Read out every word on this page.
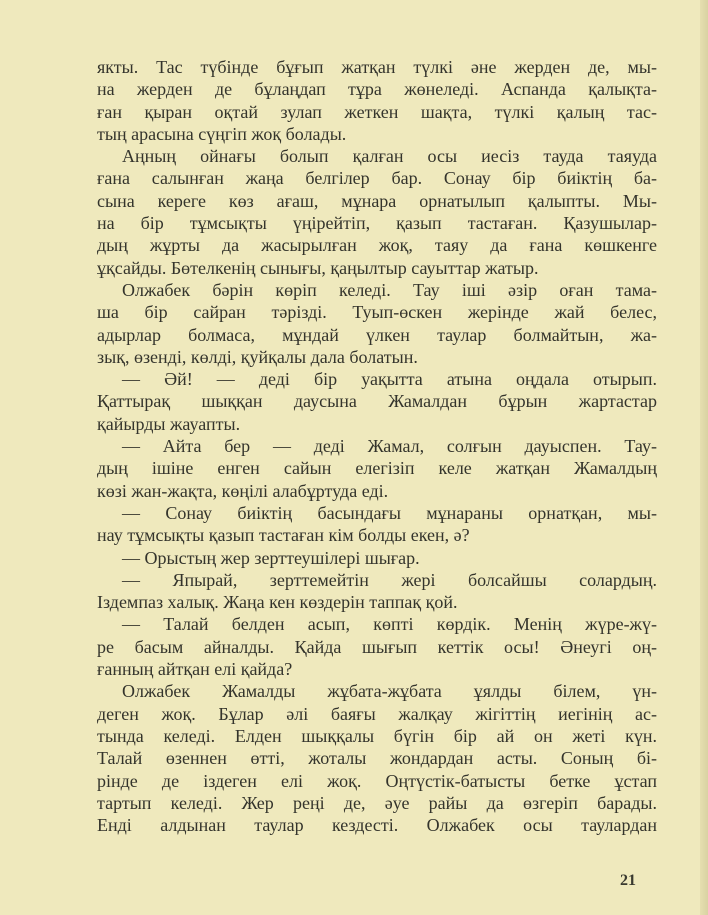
якты. Тас түбінде бұғып жатқан түлкі әне жерден де, мы-
на жерден де бұлаңдап тұра жөнеледі. Аспанда қалықта-
ған қыран оқтай зулап жеткен шақта, түлкі қалың тас-
тың арасына сүңгіп жоқ болады.
Аңның ойнағы болып қалған осы иесіз тауда таяуда
ғана салынған жаңа белгілер бар. Сонау бір биіктің ба-
сына кереге көз ағаш, мұнара орнатылып қалыпты. Мы-
на бір тұмсықты үңірейтіп, қазып тастаған. Қазушылар-
дың жұрты да жасырылған жоқ, таяу да ғана көшкенге
ұқсайды. Бөтелкенің сынығы, қаңылтыр сауыттар жатыр.
Олжабек бәрін көріп келеді. Тау іші әзір оған тама-
ша бір сайран тәрізді. Туып-өскен жерінде жай белес,
адырлар болмаса, мұндай үлкен таулар болмайтын, жа-
зық, өзенді, көлді, қуйқалы дала болатын.
— Әй! — деді бір уақытта атына оңдала отырып.
Қаттырақ шыққан даусына Жамалдан бұрын жартастар
қайырды жауапты.
— Айта бер — деді Жамал, солғын дауыспен. Тау-
дың ішіне енген сайын елегізіп келе жатқан Жамалдың
көзі жан-жақта, көңілі алабұртуда еді.
— Сонау биіктің басындағы мұнараны орнатқан, мы-
нау тұмсықты қазып тастаған кім болды екен, ә?
— Орыстың жер зерттеушілері шығар.
— Япырай, зерттемейтін жері болсайшы солардың.
Іздемпаз халық. Жаңа кен көздерін таппақ қой.
— Талай белден асып, көпті көрдік. Менің жүре-жү-
ре басым айналды. Қайда шығып кеттік осы! Әнеугі оң-
ғанның айтқан елі қайда?
Олжабек Жамалды жұбата-жұбата ұялды білем, үн-
деген жоқ. Бұлар әлі баяғы жалқау жігіттің иегінің ас-
тында келеді. Елден шыққалы бүгін бір ай он жеті күн.
Талай өзеннен өтті, жоталы жондардан асты. Соның бі-
рінде де іздеген елі жоқ. Оңтүстік-батысты бетке ұстап
тартып келеді. Жер реңі де, әуе райы да өзгеріп барады.
Енді алдынан таулар кездесті. Олжабек осы таулардан
21
